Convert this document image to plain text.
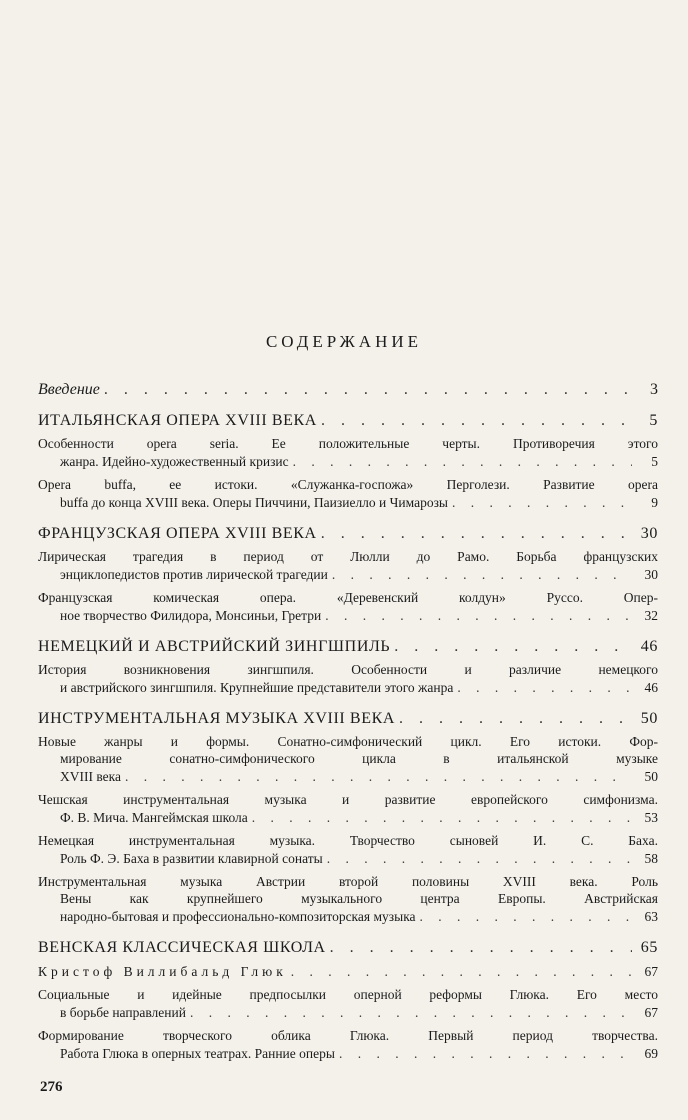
СОДЕРЖАНИЕ
Введение . . .	3
ИТАЛЬЯНСКАЯ ОПЕРА XVIII ВЕКА . . .	5
Особенности opera seria. Ее положительные черты. Противоречия этого
жанра. Идейно-художественный кризис . . .	5
Opera buffa, ее истоки. «Служанка-госпожа» Перголези. Развитие opera
buffa до конца XVIII века. Оперы Пиччини, Паизиелло и Чимарозы . . .	9
ФРАНЦУЗСКАЯ ОПЕРА XVIII ВЕКА . . .	30
Лирическая трагедия в период от Люлли до Рамо. Борьба французских
энциклопедистов против лирической трагедии . . .	30
Французская комическая опера. «Деревенский колдун» Руссо. Опер-
ное творчество Филидора, Монсиньи, Гретри . . .	32
НЕМЕЦКИЙ И АВСТРИЙСКИЙ ЗИНГШПИЛЬ . . .	46
История возникновения зингшпиля. Особенности и различие немецкого
и австрийского зингшпиля. Крупнейшие представители этого жанра . . .	46
ИНСТРУМЕНТАЛЬНАЯ МУЗЫКА XVIII ВЕКА . . .	50
Новые жанры и формы. Сонатно-симфонический цикл. Его истоки. Фор-
мирование сонатно-симфонического цикла в итальянской музыке
XVIII века . . .	50
Чешская инструментальная музыка и развитие европейского симфонизма.
Ф. В. Мича. Мангеймская школа . . .	53
Немецкая инструментальная музыка. Творчество сыновей И. С. Баха.
Роль Ф. Э. Баха в развитии клавирной сонаты . . .	58
Инструментальная музыка Австрии второй половины XVIII века. Роль
Вены как крупнейшего музыкального центра Европы. Австрийская
народно-бытовая и профессионально-композиторская музыка . . .	63
ВЕНСКАЯ КЛАССИЧЕСКАЯ ШКОЛА . . .	65
Кристоф Виллибальд Глюк . . .	67
Социальные и идейные предпосылки оперной реформы Глюка. Его место
в борьбе направлений . . .	67
Формирование творческого облика Глюка. Первый период творчества.
Работа Глюка в оперных театрах. Ранние оперы . . .	69
276
